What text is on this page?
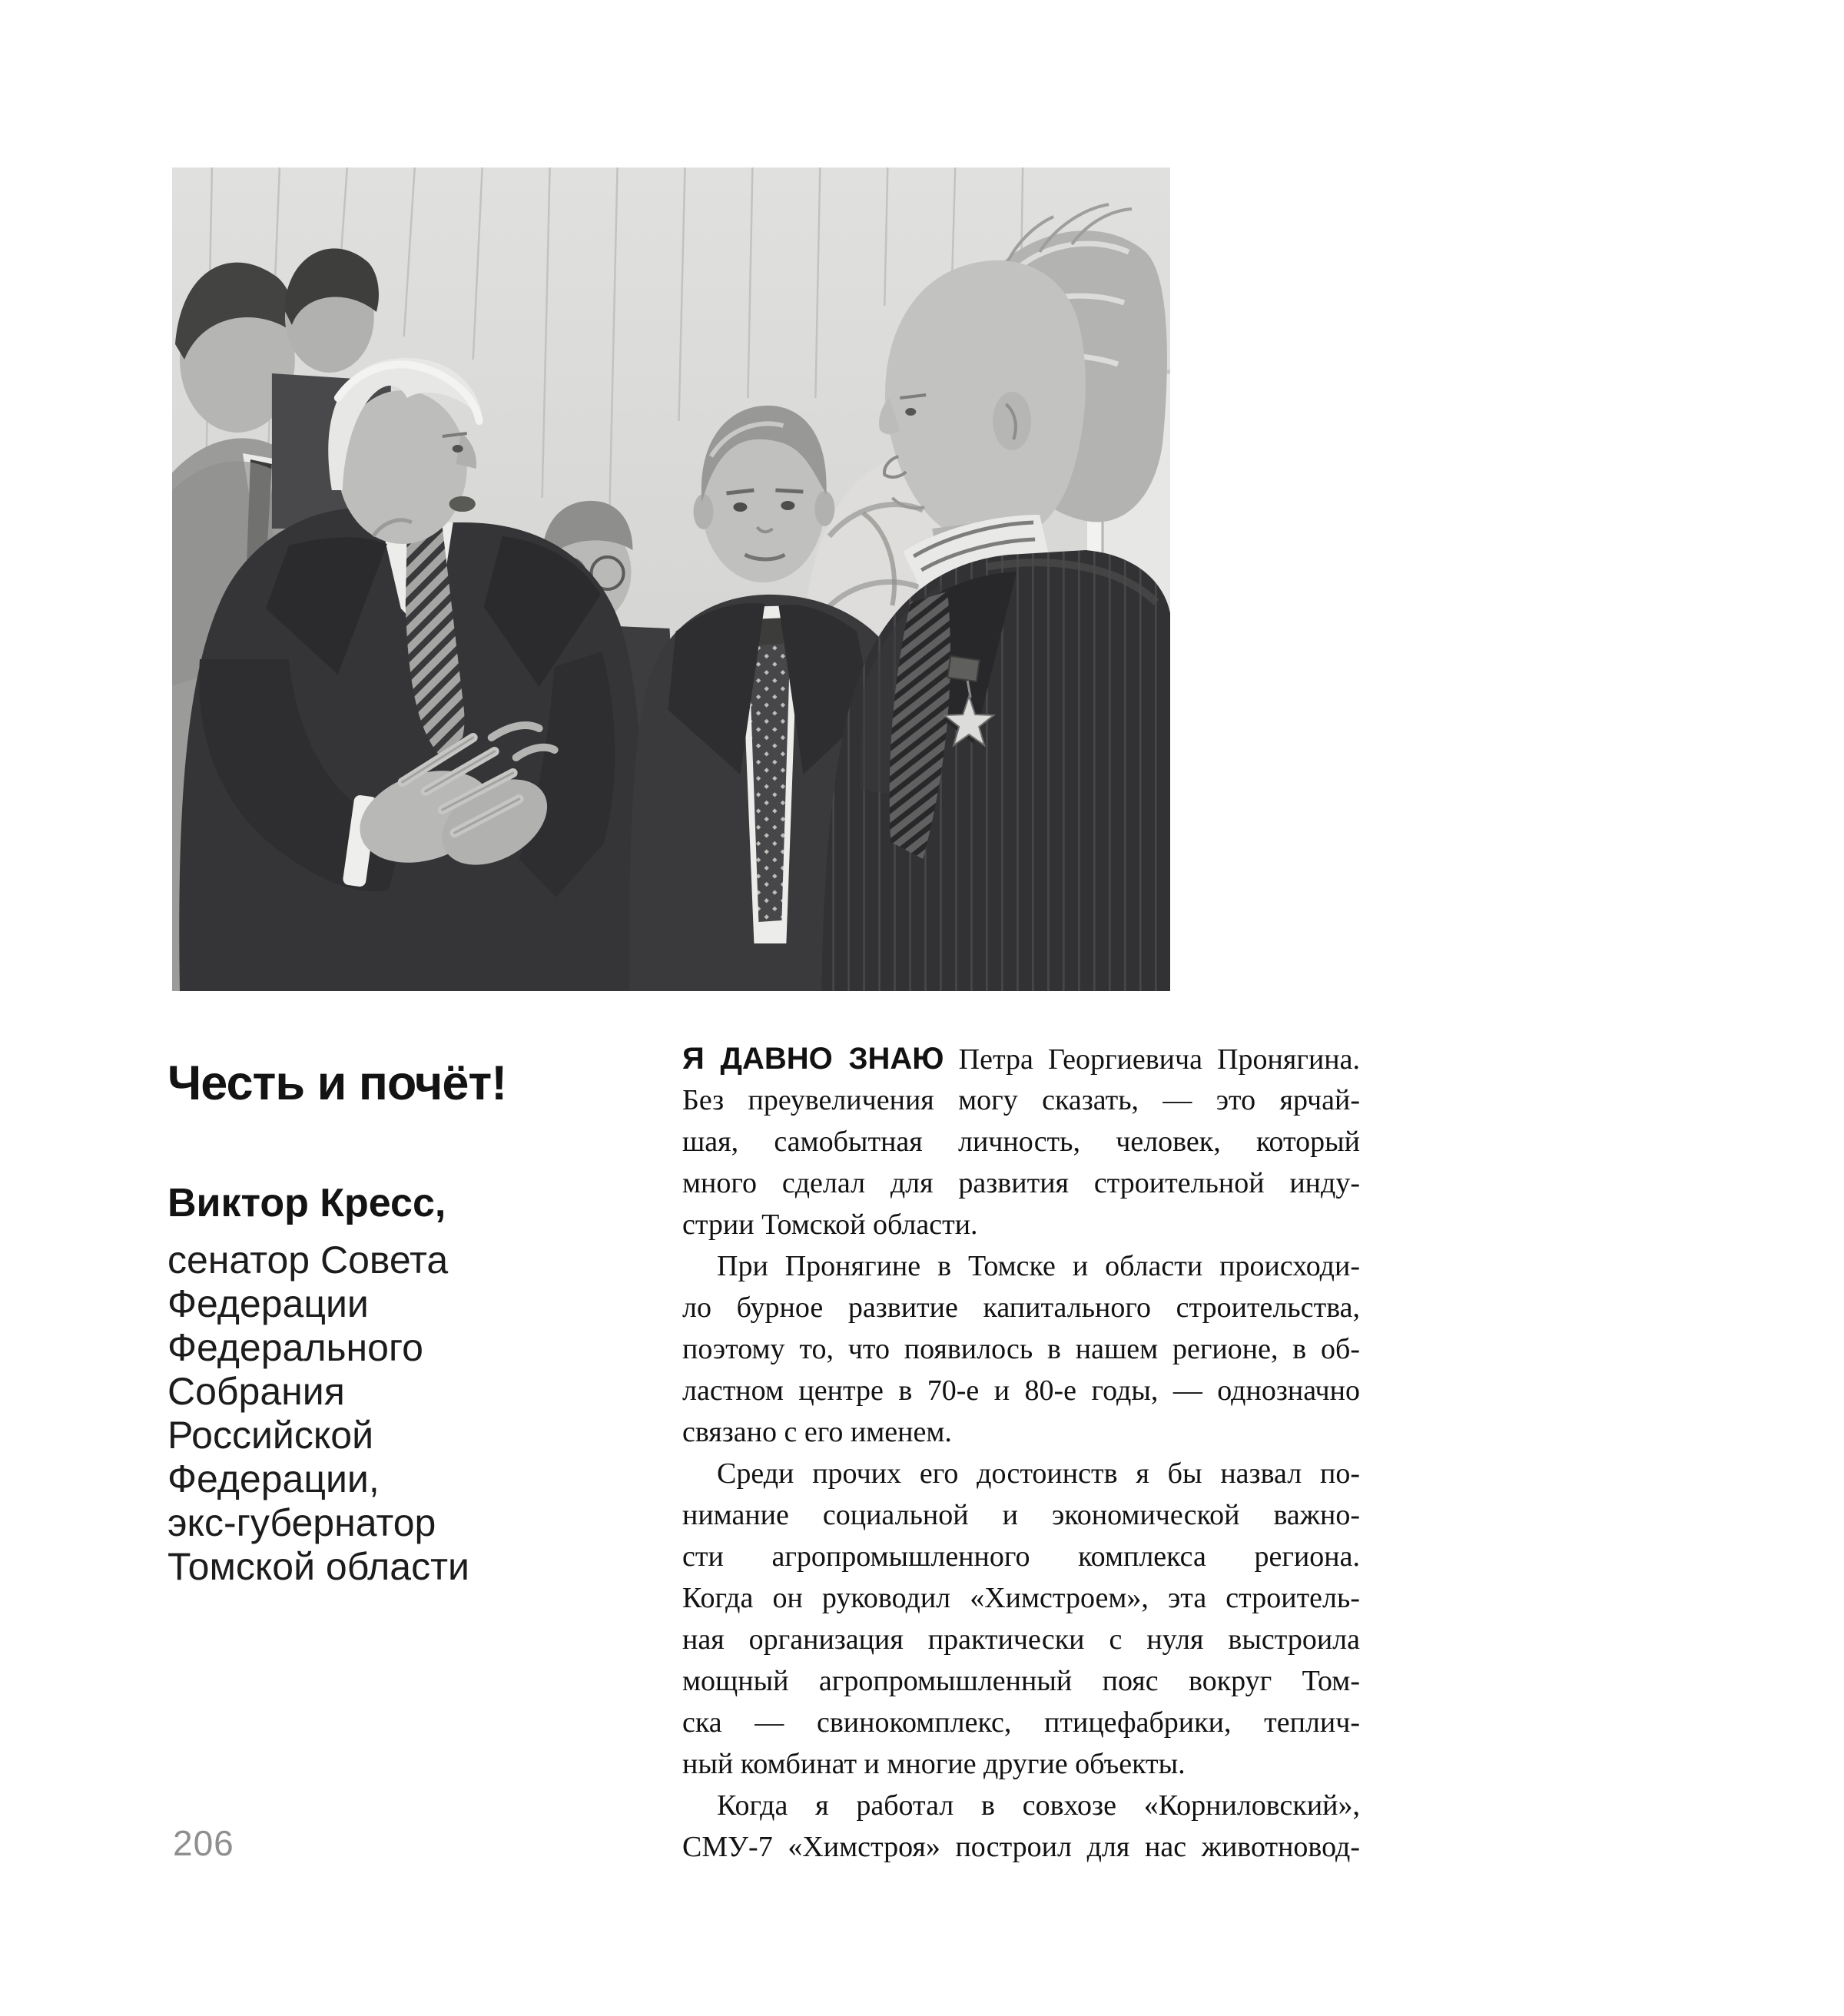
Честь и почёт!
Виктор Кресс,
сенатор Совета
Федерации
Федерального
Собрания
Российской
Федерации,
экс-губернатор
Томской области
Я ДАВНО ЗНАЮ Петра Георгиевича Пронягина.
Без преувеличения могу сказать, — это ярчай-
шая, самобытная личность, человек, который
много сделал для развития строительной инду-
стрии Томской области.
При Пронягине в Томске и области происходи-
ло бурное развитие капитального строительства,
поэтому то, что появилось в нашем регионе, в об-
ластном центре в 70-е и 80-е годы, — однозначно
связано с его именем.
Среди прочих его достоинств я бы назвал по-
нимание социальной и экономической важно-
сти агропромышленного комплекса региона.
Когда он руководил «Химстроем», эта строитель-
ная организация практически с нуля выстроила
мощный агропромышленный пояс вокруг Том-
ска — свинокомплекс, птицефабрики, теплич-
ный комбинат и многие другие объекты.
Когда я работал в совхозе «Корниловский»,
СМУ-7 «Химстроя» построил для нас животновод-
206
